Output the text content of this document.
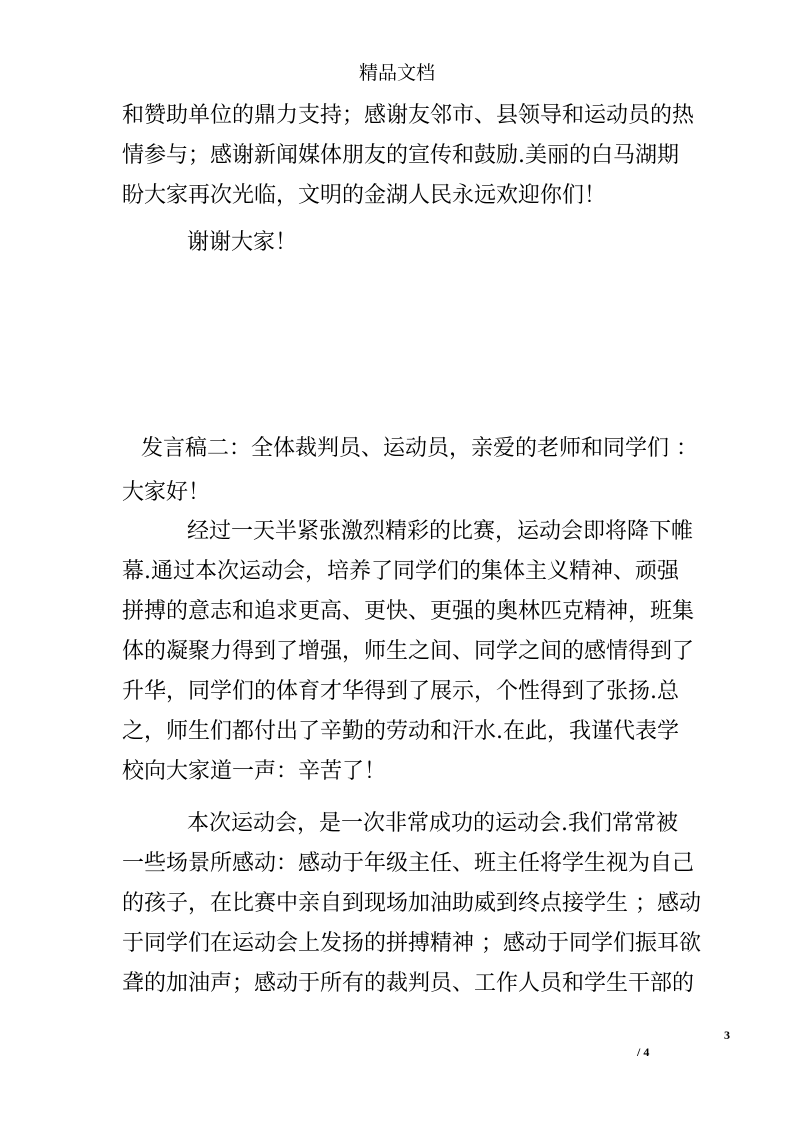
精品文档
和赞助单位的鼎力支持；感谢友邻市、县领导和运动员的热
情参与；感谢新闻媒体朋友的宣传和鼓励.美丽的白马湖期
盼大家再次光临，文明的金湖人民永远欢迎你们！
谢谢大家！
发言稿二：全体裁判员、运动员，亲爱的老师和同学们 ：
大家好！
经过一天半紧张激烈精彩的比赛，运动会即将降下帷
幕.通过本次运动会，培养了同学们的集体主义精神、顽强
拼搏的意志和追求更高、更快、更强的奥林匹克精神，班集
体的凝聚力得到了增强，师生之间、同学之间的感情得到了
升华，同学们的体育才华得到了展示，个性得到了张扬.总
之，师生们都付出了辛勤的劳动和汗水.在此，我谨代表学
校向大家道一声：辛苦了！
本次运动会，是一次非常成功的运动会.我们常常被
一些场景所感动：感动于年级主任、班主任将学生视为自己
的孩子，在比赛中亲自到现场加油助威到终点接学生 ；感动
于同学们在运动会上发扬的拼搏精神 ；感动于同学们振耳欲
聋的加油声；感动于所有的裁判员、工作人员和学生干部的
3
/ 4
